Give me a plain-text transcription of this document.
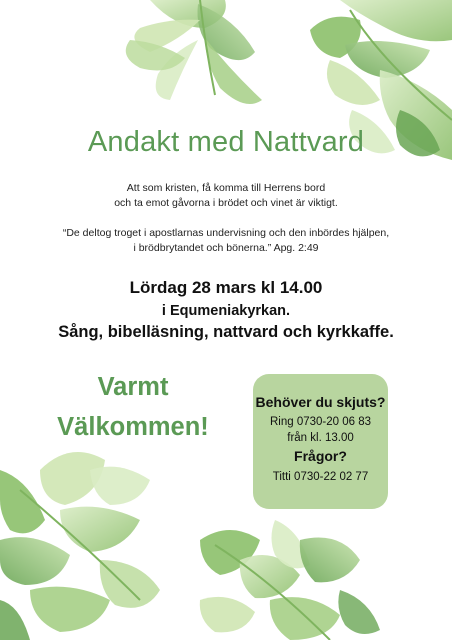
Andakt med Nattvard
Att som kristen, få komma till Herrens bord
och ta emot gåvorna i brödet och vinet är viktigt.
“De deltog troget i apostlarnas undervisning och den inbördes hjälpen,
i brödbrytandet och bönerna.” Apg. 2:49
Lördag 28 mars kl 14.00
i Equmeniakyrkan.
Sång, bibelläsning, nattvard och kyrkkaffe.
Varmt
Välkommen!
Behöver du skjuts?
Ring 0730-20 06 83
från kl. 13.00
Frågor?
Titti 0730-22 02 77
